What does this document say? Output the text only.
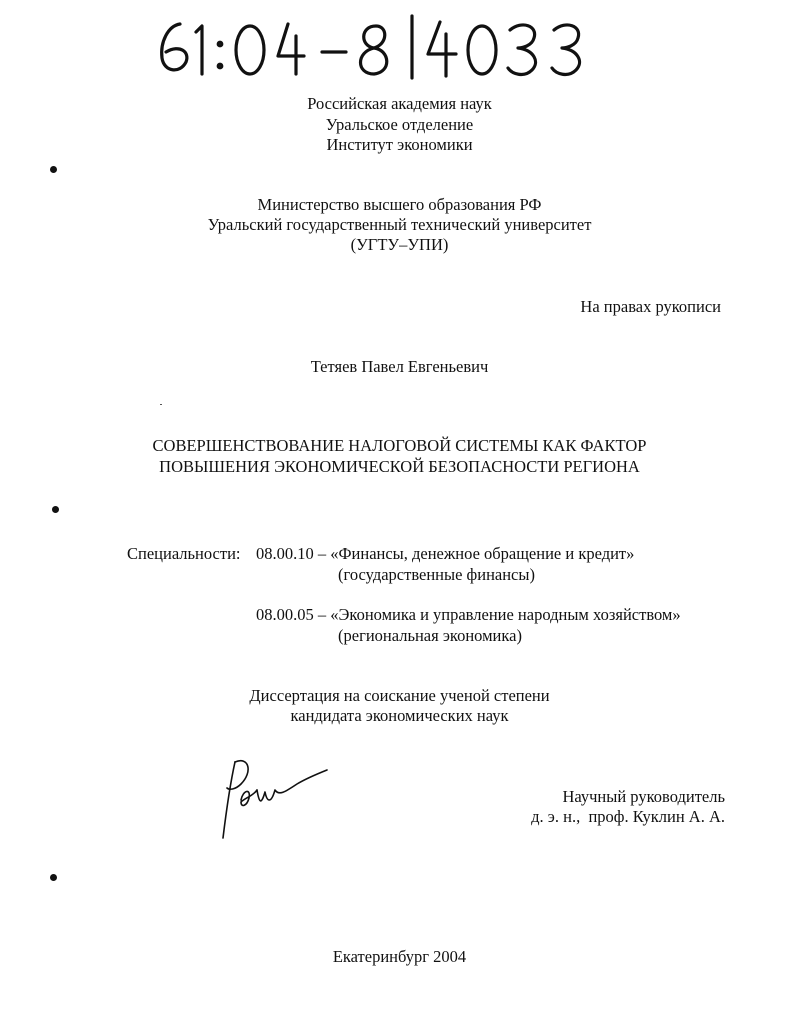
Российская академия наук
Уральское отделение
Институт экономики
Министерство высшего образования РФ
Уральский государственный технический университет
(УГТУ–УПИ)
На правах рукописи
Тетяев Павел Евгеньевич
СОВЕРШЕНСТВОВАНИЕ НАЛОГОВОЙ СИСТЕМЫ КАК ФАКТОР
ПОВЫШЕНИЯ ЭКОНОМИЧЕСКОЙ БЕЗОПАСНОСТИ РЕГИОНА
Специальности: 08.00.10 – «Финансы, денежное обращение и кредит»
(государственные финансы)
08.00.05 – «Экономика и управление народным хозяйством»
(региональная экономика)
Диссертация на соискание ученой степени
кандидата экономических наук
Научный руководитель
д. э. н.,  проф. Куклин А. А.
Екатеринбург 2004
